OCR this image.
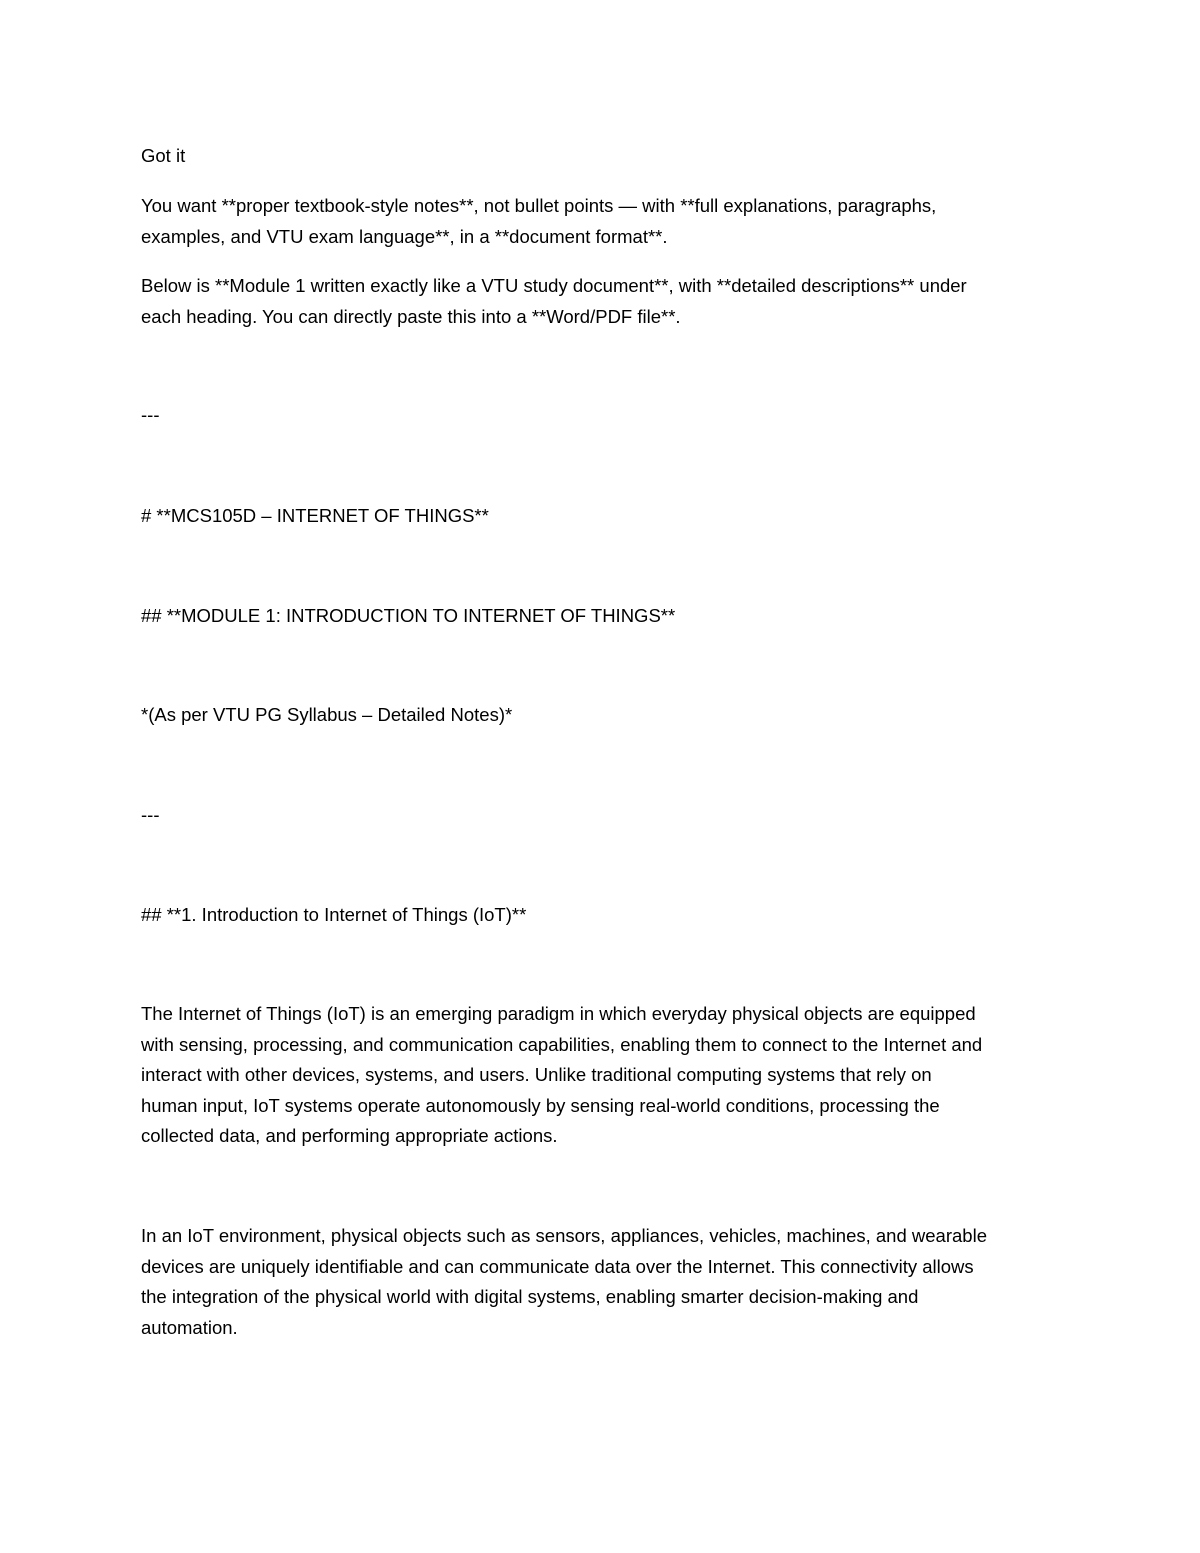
Got it

You want **proper textbook-style notes**, not bullet points — with **full explanations, paragraphs,
examples, and VTU exam language**, in a **document format**.

Below is **Module 1 written exactly like a VTU study document**, with **detailed descriptions** under
each heading. You can directly paste this into a **Word/PDF file**.

---

# **MCS105D – INTERNET OF THINGS**

## **MODULE 1: INTRODUCTION TO INTERNET OF THINGS**

*(As per VTU PG Syllabus – Detailed Notes)*

---

## **1. Introduction to Internet of Things (IoT)**

The Internet of Things (IoT) is an emerging paradigm in which everyday physical objects are equipped
with sensing, processing, and communication capabilities, enabling them to connect to the Internet and
interact with other devices, systems, and users. Unlike traditional computing systems that rely on
human input, IoT systems operate autonomously by sensing real-world conditions, processing the
collected data, and performing appropriate actions.

In an IoT environment, physical objects such as sensors, appliances, vehicles, machines, and wearable
devices are uniquely identifiable and can communicate data over the Internet. This connectivity allows
the integration of the physical world with digital systems, enabling smarter decision-making and
automation.
